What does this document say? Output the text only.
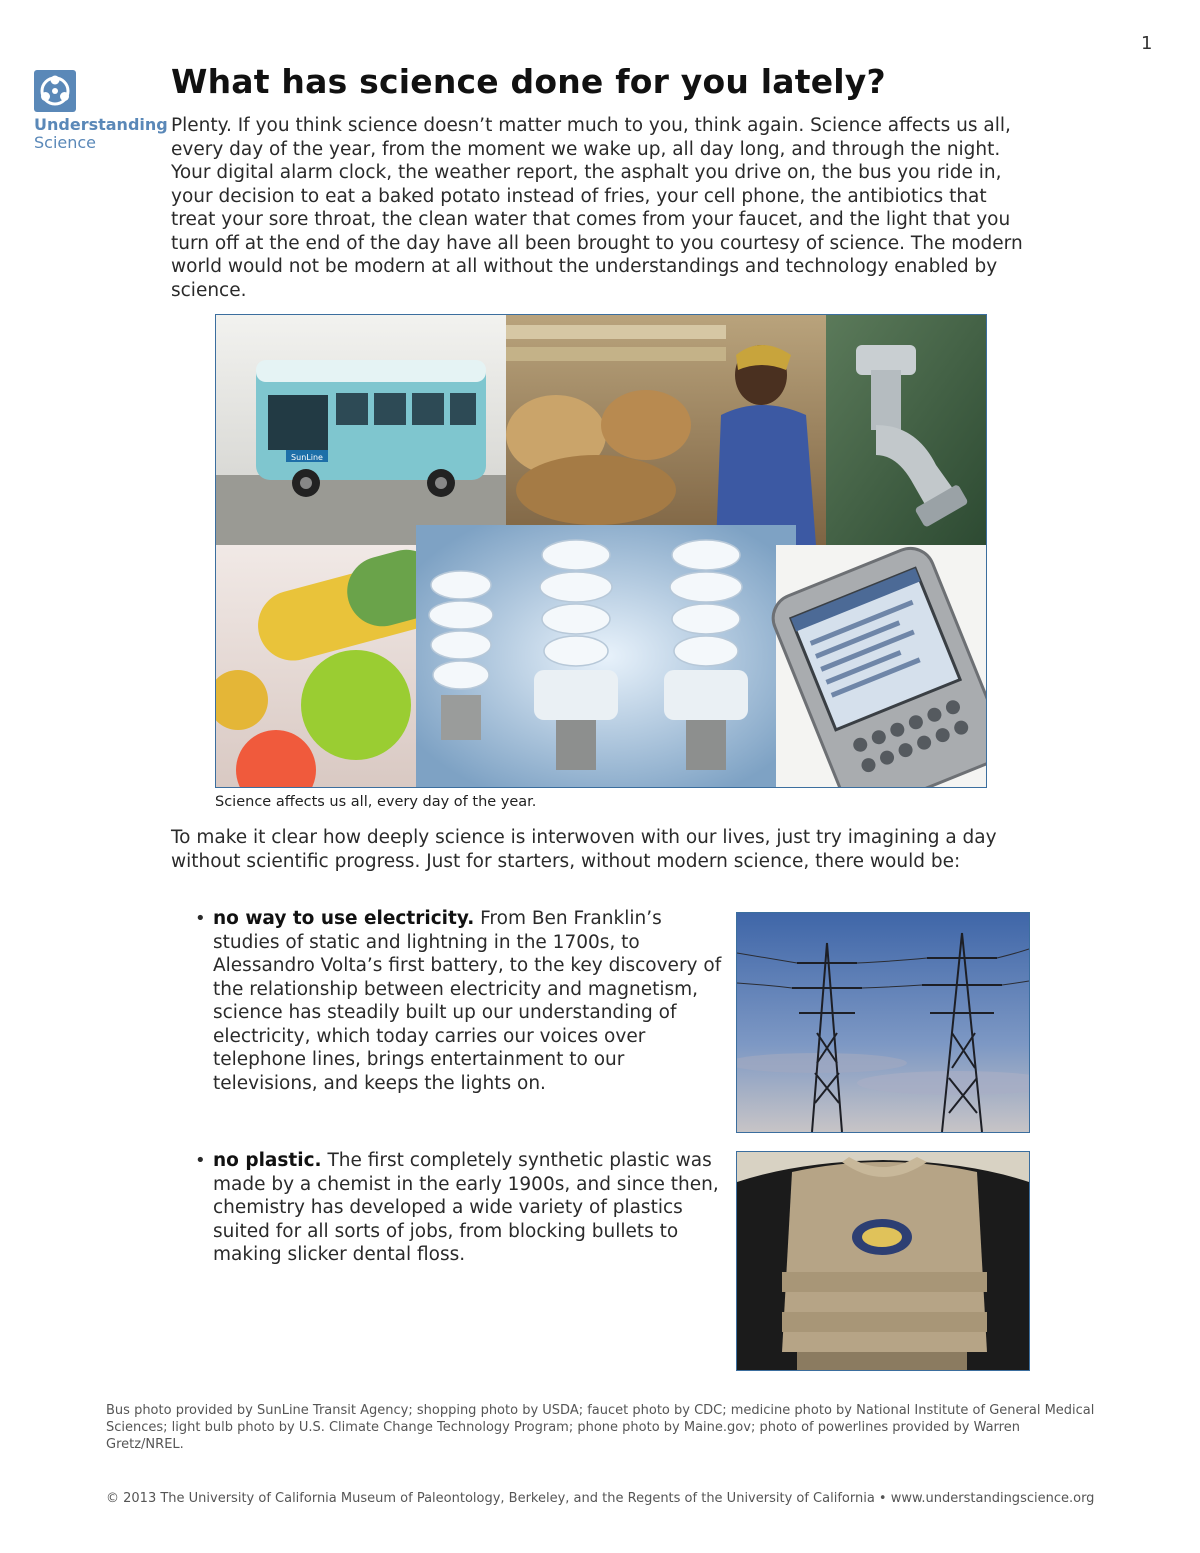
1
Understanding
Science
What has science done for you lately?

Plenty. If you think science doesn’t matter much to you, think again. Science affects us all, every day of the year, from the moment we wake up, all day long, and through the night. Your digital alarm clock, the weather report, the asphalt you drive on, the bus you ride in, your decision to eat a baked potato instead of fries, your cell phone, the antibiotics that treat your sore throat, the clean water that comes from your faucet, and the light that you turn off at the end of the day have all been brought to you courtesy of science. The modern world would not be modern at all without the understandings and technology enabled by science.

SunLine
Science affects us all, every day of the year.

To make it clear how deeply science is interwoven with our lives, just try imagining a day without scientific progress. Just for starters, without modern science, there would be:

• no way to use electricity. From Ben Franklin’s studies of static and lightning in the 1700s, to Alessandro Volta’s first battery, to the key discovery of the relationship between electricity and magnetism, science has steadily built up our understanding of electricity, which today carries our voices over telephone lines, brings entertainment to our televisions, and keeps the lights on.

• no plastic. The first completely synthetic plastic was made by a chemist in the early 1900s, and since then, chemistry has developed a wide variety of plastics suited for all sorts of jobs, from blocking bullets to making slicker dental floss.

Bus photo provided by SunLine Transit Agency; shopping photo by USDA; faucet photo by CDC; medicine photo by National Institute of General Medical Sciences; light bulb photo by U.S. Climate Change Technology Program; phone photo by Maine.gov; photo of powerlines provided by Warren Gretz/NREL.

© 2013 The University of California Museum of Paleontology, Berkeley, and the Regents of the University of California • www.understandingscience.org
